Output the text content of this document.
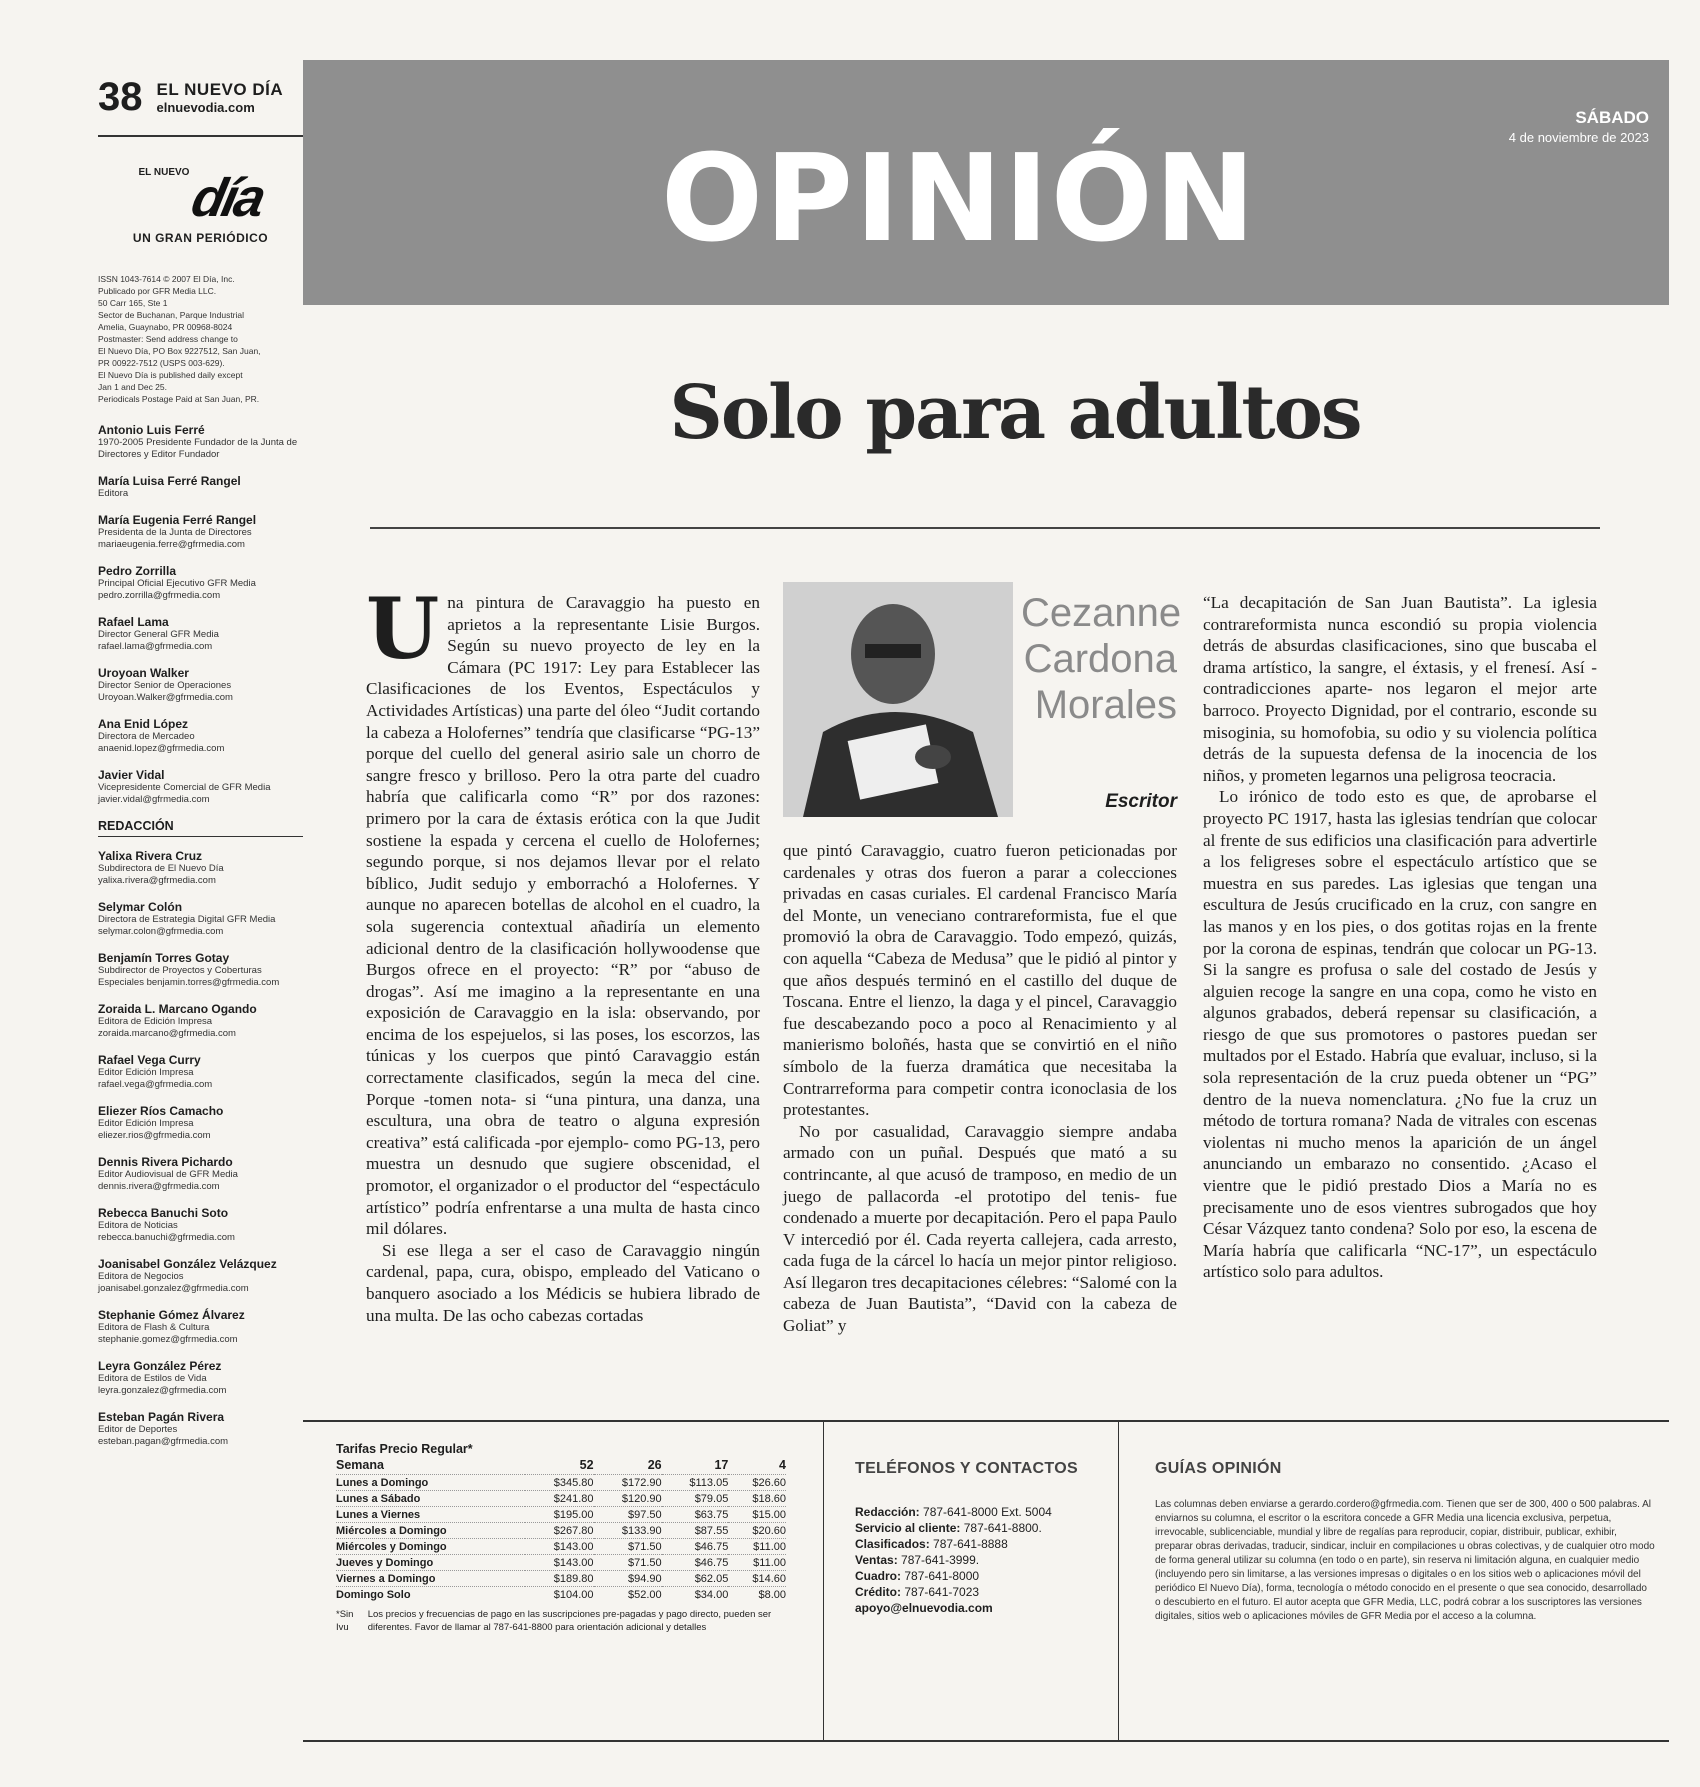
38 EL NUEVO DÍA
elnuevodia.com
$^{EL NUEVO}$día
UN GRAN PERIÓDICO
ISSN 1043-7614 © 2007 El Día, Inc.
Publicado por GFR Media LLC.
50 Carr 165, Ste 1
Sector de Buchanan, Parque Industrial
Amelia, Guaynabo, PR 00968-8024
Postmaster: Send address change to
El Nuevo Día, PO Box 9227512, San Juan,
PR 00922-7512 (USPS 003-629).
El Nuevo Día is published daily except
Jan 1 and Dec 25.
Periodicals Postage Paid at San Juan, PR.
Antonio Luis Ferré
1970-2005 Presidente Fundador de la Junta de Directores y Editor Fundador
María Luisa Ferré Rangel
Editora
María Eugenia Ferré Rangel
Presidenta de la Junta de Directores mariaeugenia.ferre@gfrmedia.com
Pedro Zorrilla
Principal Oficial Ejecutivo GFR Media pedro.zorrilla@gfrmedia.com
Rafael Lama
Director General GFR Media rafael.lama@gfrmedia.com
Uroyoan Walker
Director Senior de Operaciones Uroyoan.Walker@gfrmedia.com
Ana Enid López
Directora de Mercadeo anaenid.lopez@gfrmedia.com
Javier Vidal
Vicepresidente Comercial de GFR Media javier.vidal@gfrmedia.com
REDACCIÓN
Yalixa Rivera Cruz
Subdirectora de El Nuevo Día yalixa.rivera@gfrmedia.com
Selymar Colón
Directora de Estrategia Digital GFR Media selymar.colon@gfrmedia.com
Benjamín Torres Gotay
Subdirector de Proyectos y Coberturas Especiales benjamin.torres@gfrmedia.com
Zoraida L. Marcano Ogando
Editora de Edición Impresa zoraida.marcano@gfrmedia.com
Rafael Vega Curry
Editor Edición Impresa rafael.vega@gfrmedia.com
Eliezer Ríos Camacho
Editor Edición Impresa eliezer.rios@gfrmedia.com
Dennis Rivera Pichardo
Editor Audiovisual de GFR Media dennis.rivera@gfrmedia.com
Rebecca Banuchi Soto
Editora de Noticias rebecca.banuchi@gfrmedia.com
Joanisabel González Velázquez
Editora de Negocios joanisabel.gonzalez@gfrmedia.com
Stephanie Gómez Álvarez
Editora de Flash & Cultura stephanie.gomez@gfrmedia.com
Leyra González Pérez
Editora de Estilos de Vida leyra.gonzalez@gfrmedia.com
Esteban Pagán Rivera
Editor de Deportes esteban.pagan@gfrmedia.com
OPINIÓN
SÁBADO
4 de noviembre de 2023
Solo para adultos

Una pintura de Caravaggio ha puesto en aprietos a la representante Lisie Burgos. Según su nuevo proyecto de ley en la Cámara (PC 1917: Ley para Establecer las Clasificaciones de los Eventos, Espectáculos y Actividades Artísticas) una parte del óleo “Judit cortando la cabeza a Holofernes” tendría que clasificarse “PG-13” porque del cuello del general asirio sale un chorro de sangre fresco y brilloso. Pero la otra parte del cuadro habría que calificarla como “R” por dos razones: primero por la cara de éxtasis erótica con la que Judit sostiene la espada y cercena el cuello de Holofernes; segundo porque, si nos dejamos llevar por el relato bíblico, Judit sedujo y emborrachó a Holofernes. Y aunque no aparecen botellas de alcohol en el cuadro, la sola sugerencia contextual añadiría un elemento adicional dentro de la clasificación hollywoodense que Burgos ofrece en el proyecto: “R” por “abuso de drogas”. Así me imagino a la representante en una exposición de Caravaggio en la isla: observando, por encima de los espejuelos, si las poses, los escorzos, las túnicas y los cuerpos que pintó Caravaggio están correctamente clasificados, según la meca del cine. Porque -tomen nota- si “una pintura, una danza, una escultura, una obra de teatro o alguna expresión creativa” está calificada -por ejemplo- como PG-13, pero muestra un desnudo que sugiere obscenidad, el promotor, el organizador o el productor del “espectáculo artístico” podría enfrentarse a una multa de hasta cinco mil dólares.

Si ese llega a ser el caso de Caravaggio ningún cardenal, papa, cura, obispo, empleado del Vaticano o banquero asociado a los Médicis se hubiera librado de una multa. De las ocho cabezas cortadas

Cezanne Cardona Morales
Escritor

que pintó Caravaggio, cuatro fueron peticionadas por cardenales y otras dos fueron a parar a colecciones privadas en casas curiales. El cardenal Francisco María del Monte, un veneciano contrareformista, fue el que promovió la obra de Caravaggio. Todo empezó, quizás, con aquella “Cabeza de Medusa” que le pidió al pintor y que años después terminó en el castillo del duque de Toscana. Entre el lienzo, la daga y el pincel, Caravaggio fue descabezando poco a poco al Renacimiento y al manierismo boloñés, hasta que se convirtió en el niño símbolo de la fuerza dramática que necesitaba la Contrarreforma para competir contra iconoclasia de los protestantes.

No por casualidad, Caravaggio siempre andaba armado con un puñal. Después que mató a su contrincante, al que acusó de tramposo, en medio de un juego de pallacorda -el prototipo del tenis- fue condenado a muerte por decapitación. Pero el papa Paulo V intercedió por él. Cada reyerta callejera, cada arresto, cada fuga de la cárcel lo hacía un mejor pintor religioso. Así llegaron tres decapitaciones célebres: “Salomé con la cabeza de Juan Bautista”, “David con la cabeza de Goliat” y

“La decapitación de San Juan Bautista”. La iglesia contrareformista nunca escondió su propia violencia detrás de absurdas clasificaciones, sino que buscaba el drama artístico, la sangre, el éxtasis, y el frenesí. Así -contradicciones aparte- nos legaron el mejor arte barroco. Proyecto Dignidad, por el contrario, esconde su misoginia, su homofobia, su odio y su violencia política detrás de la supuesta defensa de la inocencia de los niños, y prometen legarnos una peligrosa teocracia.

Lo irónico de todo esto es que, de aprobarse el proyecto PC 1917, hasta las iglesias tendrían que colocar al frente de sus edificios una clasificación para advertirle a los feligreses sobre el espectáculo artístico que se muestra en sus paredes. Las iglesias que tengan una escultura de Jesús crucificado en la cruz, con sangre en las manos y en los pies, o dos gotitas rojas en la frente por la corona de espinas, tendrán que colocar un PG-13. Si la sangre es profusa o sale del costado de Jesús y alguien recoge la sangre en una copa, como he visto en algunos grabados, deberá repensar su clasificación, a riesgo de que sus promotores o pastores puedan ser multados por el Estado. Habría que evaluar, incluso, si la sola representación de la cruz pueda obtener un “PG” dentro de la nueva nomenclatura. ¿No fue la cruz un método de tortura romana? Nada de vitrales con escenas violentas ni mucho menos la aparición de un ángel anunciando un embarazo no consentido. ¿Acaso el vientre que le pidió prestado Dios a María no es precisamente uno de esos vientres subrogados que hoy César Vázquez tanto condena? Solo por eso, la escena de María habría que calificarla “NC-17”, un espectáculo artístico solo para adultos.

Tarifas Precio Regular*
Semana	52	26	17	4
Lunes a Domingo	$345.80	$172.90	$113.05	$26.60
Lunes a Sábado	$241.80	$120.90	$79.05	$18.60
Lunes a Viernes	$195.00	$97.50	$63.75	$15.00
Miércoles a Domingo	$267.80	$133.90	$87.55	$20.60
Miércoles y Domingo	$143.00	$71.50	$46.75	$11.00
Jueves y Domingo	$143.00	$71.50	$46.75	$11.00
Viernes a Domingo	$189.80	$94.90	$62.05	$14.60
Domingo Solo	$104.00	$52.00	$34.00	$8.00
*Sin Ivu
Los precios y frecuencias de pago en las suscripciones pre-pagadas y pago directo, pueden ser diferentes. Favor de llamar al 787-641-8800 para orientación adicional y detalles
TELÉFONOS Y CONTACTOS
Redacción: 787-641-8000 Ext. 5004
Servicio al cliente: 787-641-8800.
Clasificados: 787-641-8888
Ventas: 787-641-3999.
Cuadro: 787-641-8000
Crédito: 787-641-7023
apoyo@elnuevodia.com
GUÍAS OPINIÓN
Las columnas deben enviarse a gerardo.cordero@gfrmedia.com. Tienen que ser de 300, 400 o 500 palabras. Al enviarnos su columna, el escritor o la escritora concede a GFR Media una licencia exclusiva, perpetua, irrevocable, sublicenciable, mundial y libre de regalías para reproducir, copiar, distribuir, publicar, exhibir, preparar obras derivadas, traducir, sindicar, incluir en compilaciones u obras colectivas, y de cualquier otro modo de forma general utilizar su columna (en todo o en parte), sin reserva ni limitación alguna, en cualquier medio (incluyendo pero sin limitarse, a las versiones impresas o digitales o en los sitios web o aplicaciones móvil del periódico El Nuevo Día), forma, tecnología o método conocido en el presente o que sea conocido, desarrollado o descubierto en el futuro. El autor acepta que GFR Media, LLC, podrá cobrar a los suscriptores las versiones digitales, sitios web o aplicaciones móviles de GFR Media por el acceso a la columna.
